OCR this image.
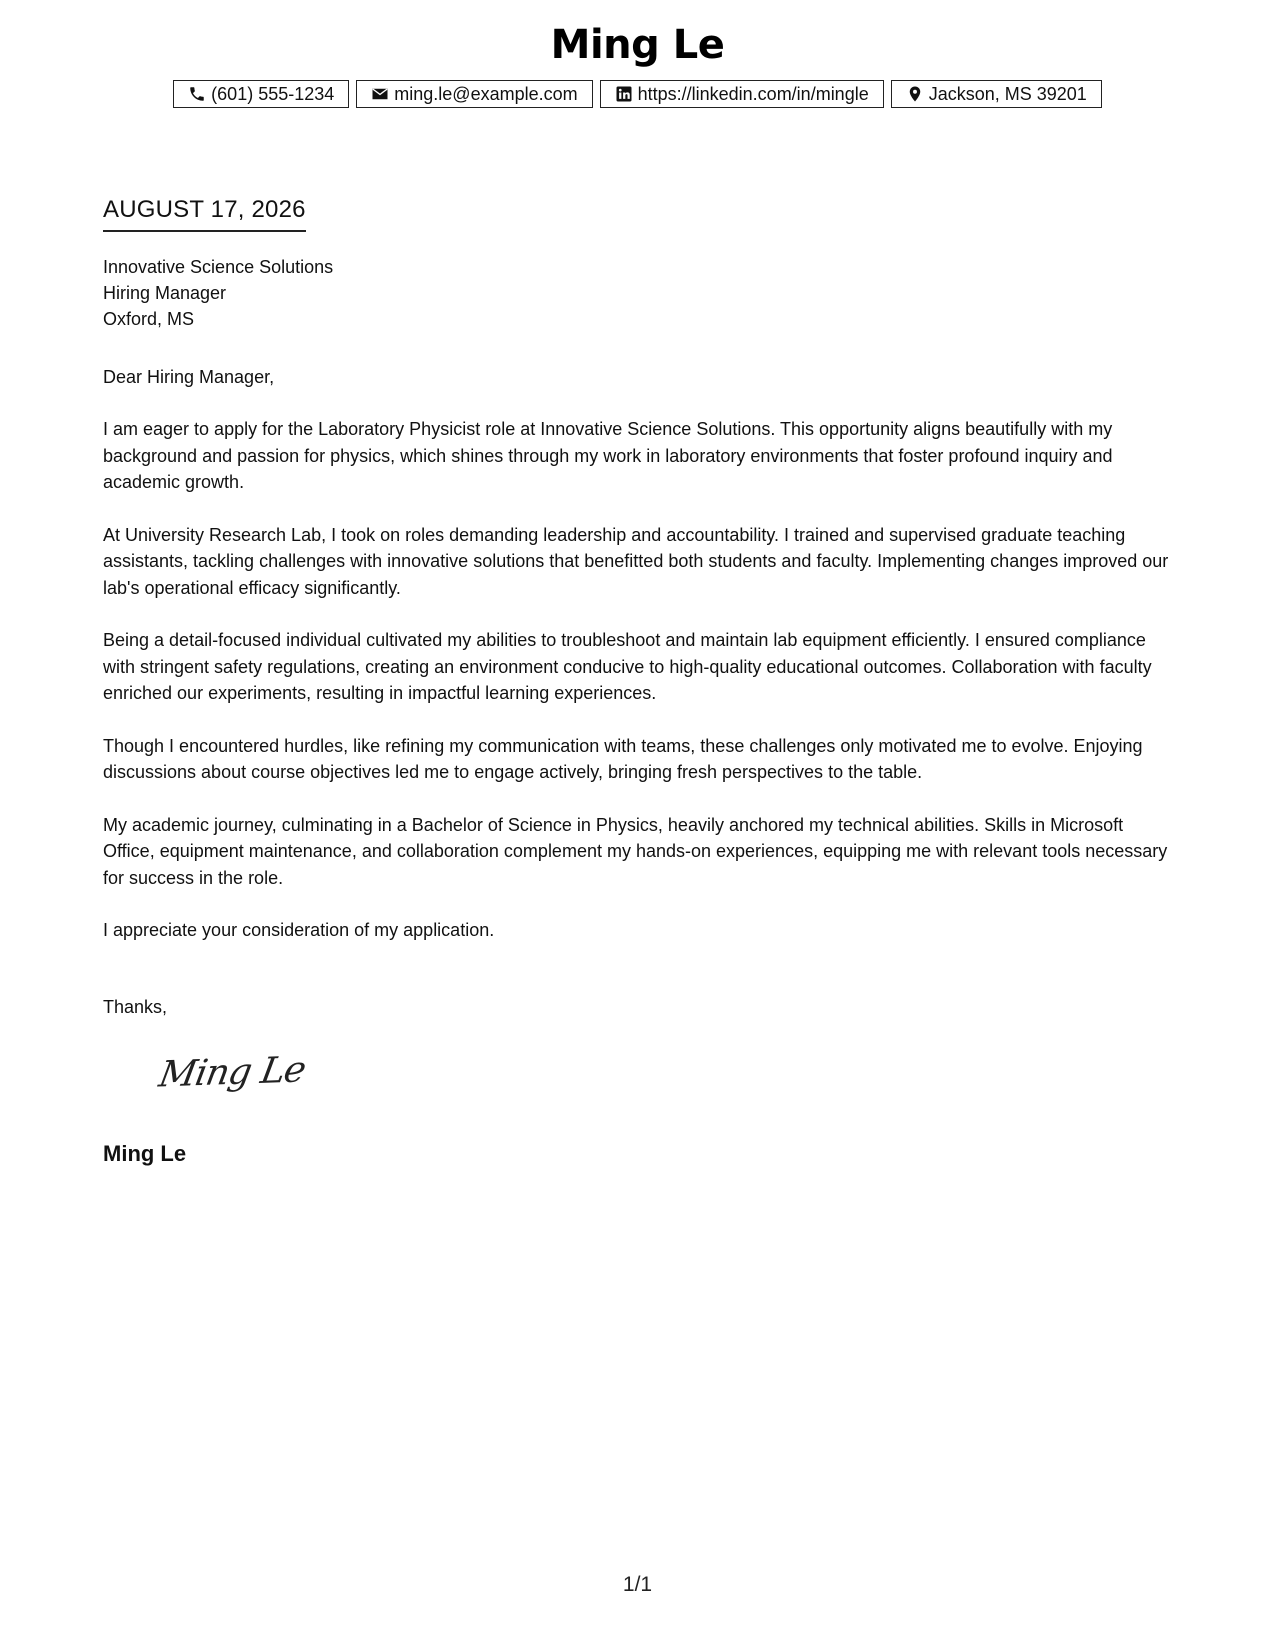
Ming Le
(601) 555-1234	ming.le@example.com	https://linkedin.com/in/mingle	Jackson, MS 39201
AUGUST 17, 2026
Innovative Science Solutions
Hiring Manager
Oxford, MS

Dear Hiring Manager,

I am eager to apply for the Laboratory Physicist role at Innovative Science Solutions. This opportunity aligns beautifully with my background and passion for physics, which shines through my work in laboratory environments that foster profound inquiry and academic growth.

At University Research Lab, I took on roles demanding leadership and accountability. I trained and supervised graduate teaching assistants, tackling challenges with innovative solutions that benefitted both students and faculty. Implementing changes improved our lab's operational efficacy significantly.

Being a detail-focused individual cultivated my abilities to troubleshoot and maintain lab equipment efficiently. I ensured compliance with stringent safety regulations, creating an environment conducive to high-quality educational outcomes. Collaboration with faculty enriched our experiments, resulting in impactful learning experiences.

Though I encountered hurdles, like refining my communication with teams, these challenges only motivated me to evolve. Enjoying discussions about course objectives led me to engage actively, bringing fresh perspectives to the table.

My academic journey, culminating in a Bachelor of Science in Physics, heavily anchored my technical abilities. Skills in Microsoft Office, equipment maintenance, and collaboration complement my hands-on experiences, equipping me with relevant tools necessary for success in the role.

I appreciate your consideration of my application.

Thanks,
Ming Le
Ming Le
1/1
